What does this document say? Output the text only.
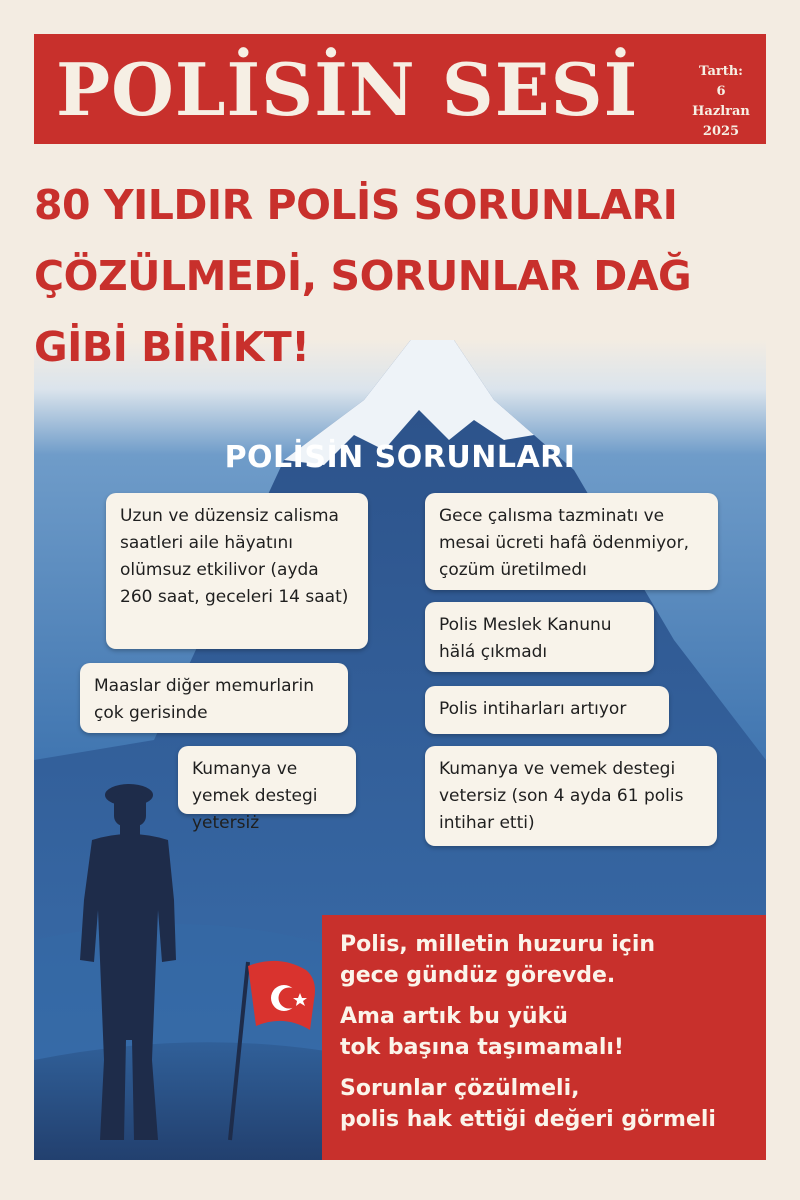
POLİSİN SESİ	Tarth:
6 Hazlran
2025
80 YILDIR POLİS SORUNLARI
ÇÖZÜLMEDİ, SORUNLAR DAĞ
GİBİ BİRİKT!
POLİSİN SORUNLARI
Uzun ve düzensiz calisma saatleri aile häyatını olümsuz etkilivor (ayda 260 saat, geceleri 14 saat)
Gece çalısma tazminatı ve mesai ücreti hafâ ödenmiyor, çozüm üretilmedı
Polis Meslek Kanunu hälá çıkmadı
Maaslar diğer memurlarin çok gerisinde	Polis intiharları artıyor
Kumanya ve yemek destegi yetersiż
Kumanya ve vemek destegi vetersiz (son 4 ayda 61 polis intihar etti)
Polis, milletin huzuru için
gece gündüz görevde.
Ama artık bu yükü
tok başına taşımamalı!
Sorunlar çözülmeli,
polis hak ettiği değeri görmeli
